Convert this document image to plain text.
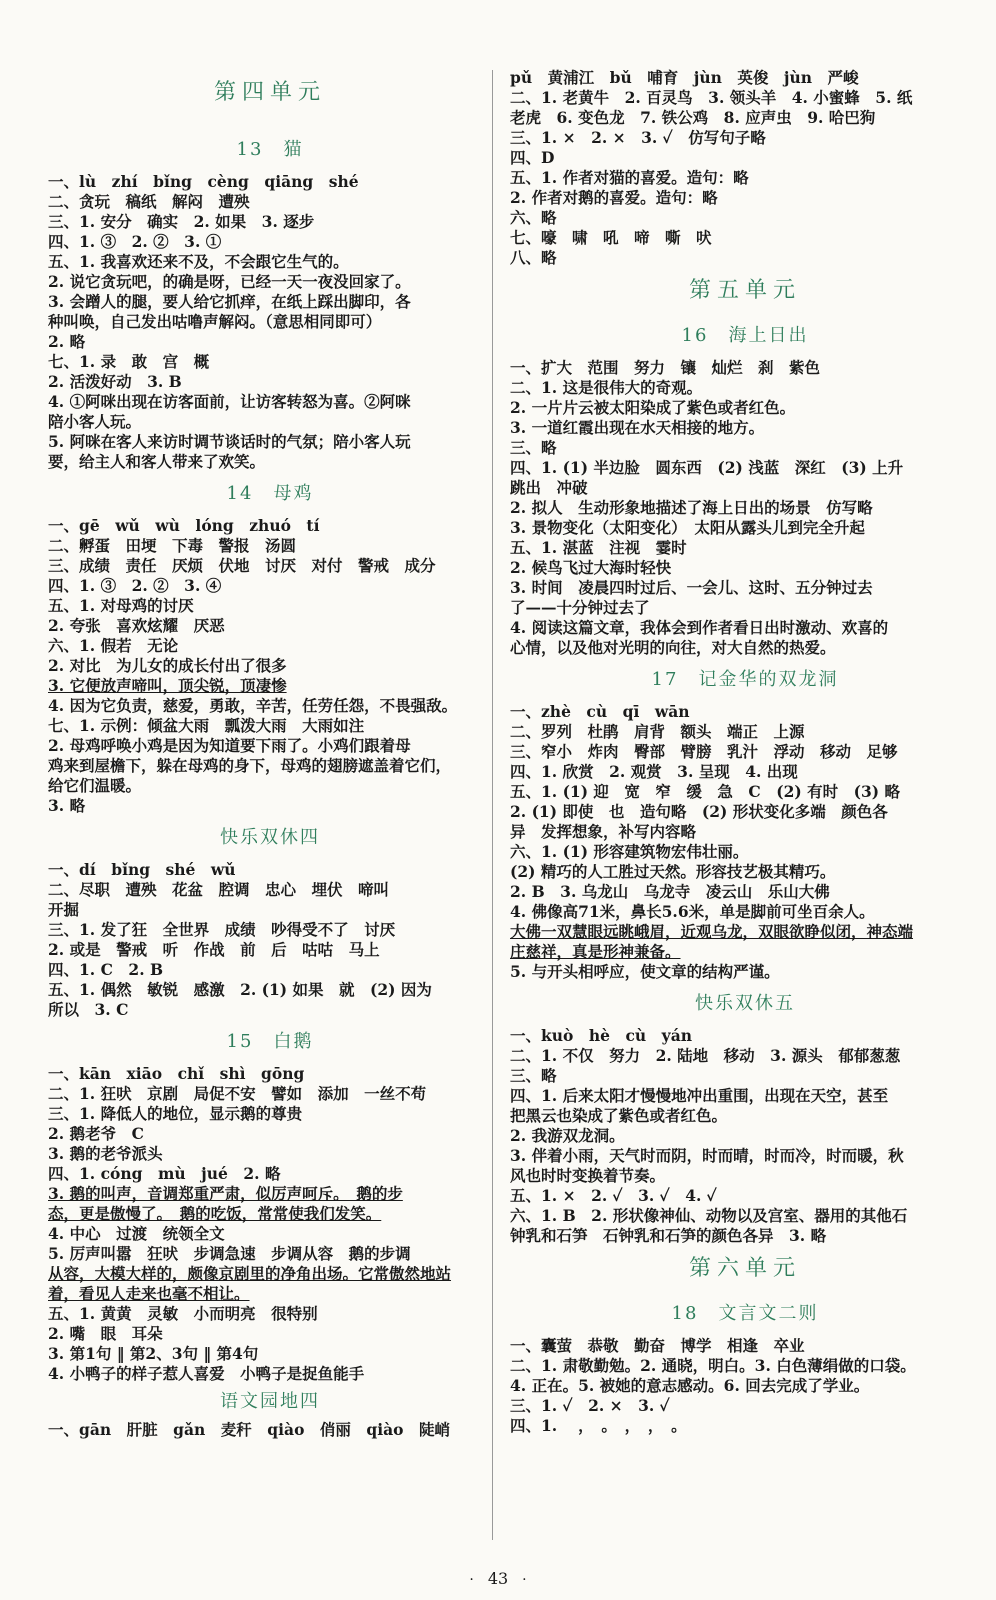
第四单元
13　猫
一、lù　zhí　bǐng　cèng　qiāng　shé
二、贪玩　稿纸　解闷　遭殃
三、1. 安分　确实　2. 如果　3. 逐步
四、1. ③　2. ②　3. ①
五、1. 我喜欢还来不及，不会跟它生气的。
2. 说它贪玩吧，的确是呀，已经一天一夜没回家了。
3. 会蹭人的腿，要人给它抓痒，在纸上踩出脚印，各
种叫唤，自己发出咕噜声解闷。（意思相同即可）
2. 略
七、1. 录　敢　宫　概
2. 活泼好动　3. B
4. ①阿咪出现在访客面前，让访客转怒为喜。②阿咪
陪小客人玩。
5. 阿咪在客人来访时调节谈话时的气氛；陪小客人玩
要，给主人和客人带来了欢笑。
14　母鸡
一、gē　wǔ　wù　lóng　zhuó　tí
二、孵蛋　田埂　下毒　警报　汤圆
三、成绩　责任　厌烦　伏地　讨厌　对付　警戒　成分
四、1. ③　2. ②　3. ④
五、1. 对母鸡的讨厌
2. 夸张　喜欢炫耀　厌恶
六、1. 假若　无论
2. 对比　为儿女的成长付出了很多
3. 它便放声啼叫，顶尖锐，顶凄惨
4. 因为它负责，慈爱，勇敢，辛苦，任劳任怨，不畏强敌。
七、1. 示例：倾盆大雨　瓢泼大雨　大雨如注
2. 母鸡呼唤小鸡是因为知道要下雨了。小鸡们跟着母
鸡来到屋檐下，躲在母鸡的身下，母鸡的翅膀遮盖着它们，
给它们温暖。
3. 略
快乐双休四
一、dí　bǐng　shé　wǔ
二、尽职　遭殃　花盆　腔调　忠心　埋伏　啼叫
开掘
三、1. 发了狂　全世界　成绩　吵得受不了　讨厌
2. 或是　警戒　听　作战　前　后　咕咕　马上
四、1. C　2. B
五、1. 偶然　敏锐　感激　2. (1) 如果　就　(2) 因为
所以　3. C
15　白鹅
一、kān　xiāo　chǐ　shì　gōng
二、1. 狂吠　京剧　局促不安　譬如　添加　一丝不苟
三、1. 降低人的地位，显示鹅的尊贵
2. 鹅老爷　C
3. 鹅的老爷派头
四、1. cóng　mù　jué　2. 略
3. 鹅的叫声，音调郑重严肃，似厉声呵斥。　鹅的步
态，更是傲慢了。　鹅的吃饭，常常使我们发笑。
4. 中心　过渡　统领全文
5. 厉声叫嚣　狂吠　步调急速　步调从容　鹅的步调
从容，大模大样的，颇像京剧里的净角出场。它常傲然地站
着，看见人走来也毫不相让。
五、1. 黄黄　灵敏　小而明亮　很特别
2. 嘴　眼　耳朵
3. 第1句 ‖ 第2、3句 ‖ 第4句
4. 小鸭子的样子惹人喜爱　小鸭子是捉鱼能手
语文园地四
一、gān　肝脏　gǎn　麦秆　qiào　俏丽　qiào　陡峭
pǔ　黄浦江　bǔ　哺育　jùn　英俊　jùn　严峻
二、1. 老黄牛　2. 百灵鸟　3. 领头羊　4. 小蜜蜂　5. 纸
老虎　6. 变色龙　7. 铁公鸡　8. 应声虫　9. 哈巴狗
三、1. ×　2. ×　3. ✓　仿写句子略
四、D
五、1. 作者对猫的喜爱。造句：略
2. 作者对鹅的喜爱。造句：略
六、略
七、嚎　啸　吼　啼　嘶　吠
八、略
第五单元
16　海上日出
一、扩大　范围　努力　镶　灿烂　刹　紫色
二、1. 这是很伟大的奇观。
2. 一片片云被太阳染成了紫色或者红色。
3. 一道红霞出现在水天相接的地方。
三、略
四、1. (1) 半边脸　圆东西　(2) 浅蓝　深红　(3) 上升
跳出　冲破
2. 拟人　生动形象地描述了海上日出的场景　仿写略
3. 景物变化（太阳变化）　太阳从露头儿到完全升起
五、1. 湛蓝　注视　霎时
2. 候鸟飞过大海时轻快
3. 时间　凌晨四时过后、一会儿、这时、五分钟过去
了——十分钟过去了
4. 阅读这篇文章，我体会到作者看日出时激动、欢喜的
心情，以及他对光明的向往，对大自然的热爱。
17　记金华的双龙洞
一、zhè　cù　qī　wān
二、罗列　杜鹃　肩背　额头　端正　上源
三、窄小　炸肉　臀部　臂膀　乳汁　浮动　移动　足够
四、1. 欣赏　2. 观赏　3. 呈现　4. 出现
五、1. (1) 迎　宽　窄　缓　急　C　(2) 有时　(3) 略
2. (1) 即使　也　造句略　(2) 形状变化多端　颜色各
异　发挥想象，补写内容略
六、1. (1) 形容建筑物宏伟壮丽。
(2) 精巧的人工胜过天然。形容技艺极其精巧。
2. B　3. 乌龙山　乌龙寺　凌云山　乐山大佛
4. 佛像高71米，鼻长5.6米，单是脚前可坐百余人。
大佛一双慧眼远眺峨眉，近观乌龙，双眼欲睁似闭，神态端
庄慈祥，真是形神兼备。
5. 与开头相呼应，使文章的结构严谨。
快乐双休五
一、kuò　hè　cù　yán
二、1. 不仅　努力　2. 陆地　移动　3. 源头　郁郁葱葱
三、略
四、1. 后来太阳才慢慢地冲出重围，出现在天空，甚至
把黑云也染成了紫色或者红色。
2. 我游双龙洞。
3. 伴着小雨，天气时而阴，时而晴，时而冷，时而暖，秋
风也时时变换着节奏。
五、1. ×　2. ✓　3. ✓　4. ✓
六、1. B　2. 形状像神仙、动物以及宫室、器用的其他石
钟乳和石笋　石钟乳和石笋的颜色各异　3. 略
第六单元
18　文言文二则
一、囊萤　恭敬　勤奋　博学　相逢　卒业
二、1. 肃敬勤勉。2. 通晓，明白。3. 白色薄绢做的口袋。
4. 正在。5. 被她的意志感动。6. 回去完成了学业。
三、1. ✓　2. ×　3. ✓
四、1. 　，　。　，　，　。
· 43 ·
